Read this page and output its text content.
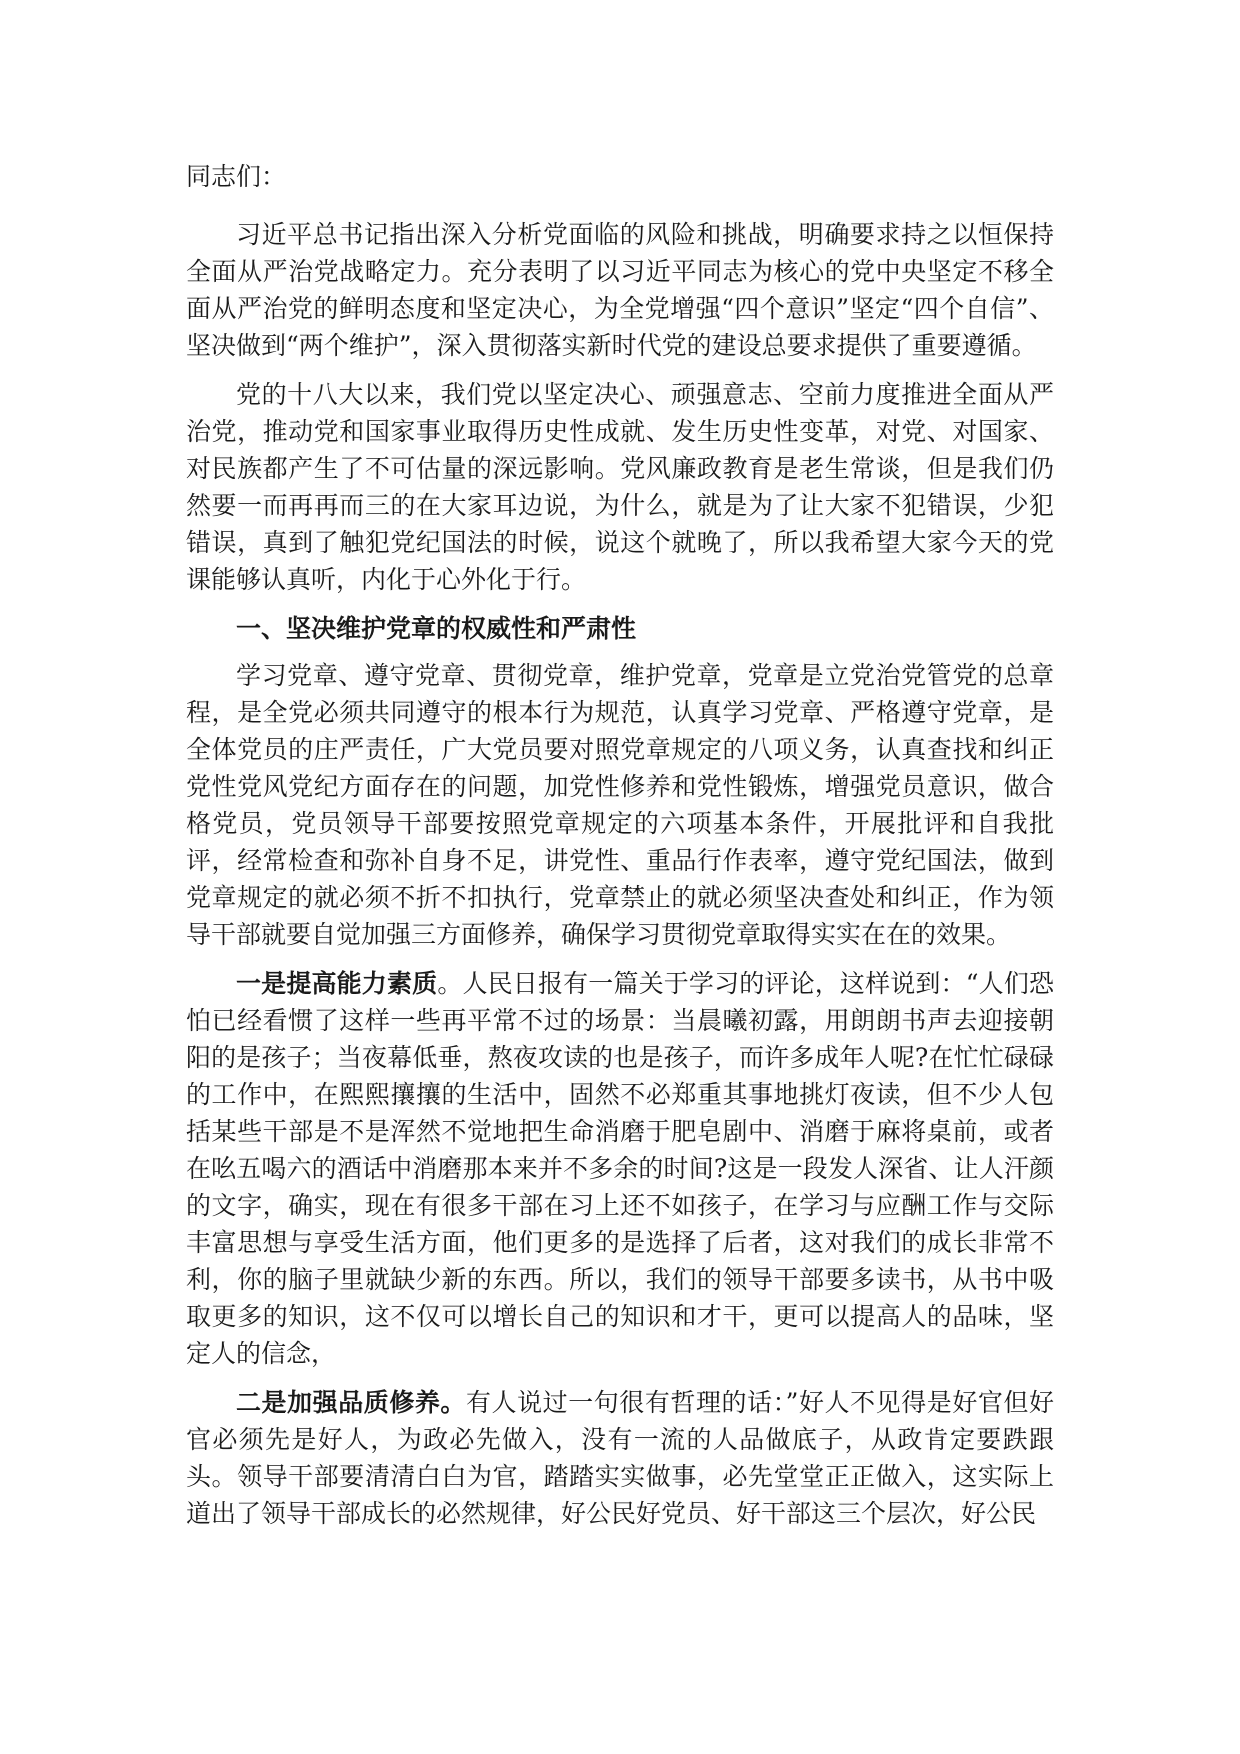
同志们：

习近平总书记指出深入分析党面临的风险和挑战，明确要求持之以恒保持全面从严治党战略定力。充分表明了以习近平同志为核心的党中央坚定不移全面从严治党的鲜明态度和坚定决心，为全党增强“四个意识”坚定“四个自信”、 坚决做到“两个维护”，深入贯彻落实新时代党的建设总要求提供了重要遵循。

党的十八大以来，我们党以坚定决心、顽强意志、空前力度推进全面从严治党，推动党和国家事业取得历史性成就、发生历史性变革，对党、对国家、对民族都产生了不可估量的深远影响。党风廉政教育是老生常谈，但是我们仍然要一而再再而三的在大家耳边说，为什么，就是为了让大家不犯错误，少犯错误，真到了触犯党纪国法的时候，说这个就晚了，所以我希望大家今天的党课能够认真听，内化于心外化于行。

一、坚决维护党章的权威性和严肃性

学习党章、遵守党章、贯彻党章，维护党章，党章是立党治党管党的总章程，是全党必须共同遵守的根本行为规范，认真学习党章、严格遵守党章，是全体党员的庄严责任，广大党员要对照党章规定的八项义务，认真查找和纠正党性党风党纪方面存在的问题，加党性修养和党性锻炼，增强党员意识，做合格党员，党员领导干部要按照党章规定的六项基本条件，开展批评和自我批评，经常检查和弥补自身不足，讲党性、重品行作表率，遵守党纪国法，做到党章规定的就必须不折不扣执行，党章禁止的就必须坚决查处和纠正，作为领导干部就要自觉加强三方面修养，确保学习贯彻党章取得实实在在的效果。

一是提高能力素质。人民日报有一篇关于学习的评论，这样说到：“人们恐怕已经看惯了这样一些再平常不过的场景：当晨曦初露，用朗朗书声去迎接朝阳的是孩子；当夜幕低垂，熬夜攻读的也是孩子，而许多成年人呢?在忙忙碌碌的工作中，在熙熙攘攘的生活中，固然不必郑重其事地挑灯夜读，但不少人包括某些干部是不是浑然不觉地把生命消磨于肥皂剧中、消磨于麻将桌前，或者在吆五喝六的酒话中消磨那本来并不多余的时间?这是一段发人深省、让人汗颜的文字，确实，现在有很多干部在习上还不如孩子，在学习与应酬工作与交际丰富思想与享受生活方面，他们更多的是选择了后者，这对我们的成长非常不利，你的脑子里就缺少新的东西。所以，我们的领导干部要多读书，从书中吸取更多的知识，这不仅可以增长自己的知识和才干，更可以提高人的品味，坚定人的信念，

二是加强品质修养。有人说过一句很有哲理的话：”好人不见得是好官但好官必须先是好人，为政必先做入，没有一流的人品做底子，从政肯定要跌跟头。领导干部要清清白白为官，踏踏实实做事，必先堂堂正正做入，这实际上道出了领导干部成长的必然规律，好公民好党员、好干部这三个层次，好公民
